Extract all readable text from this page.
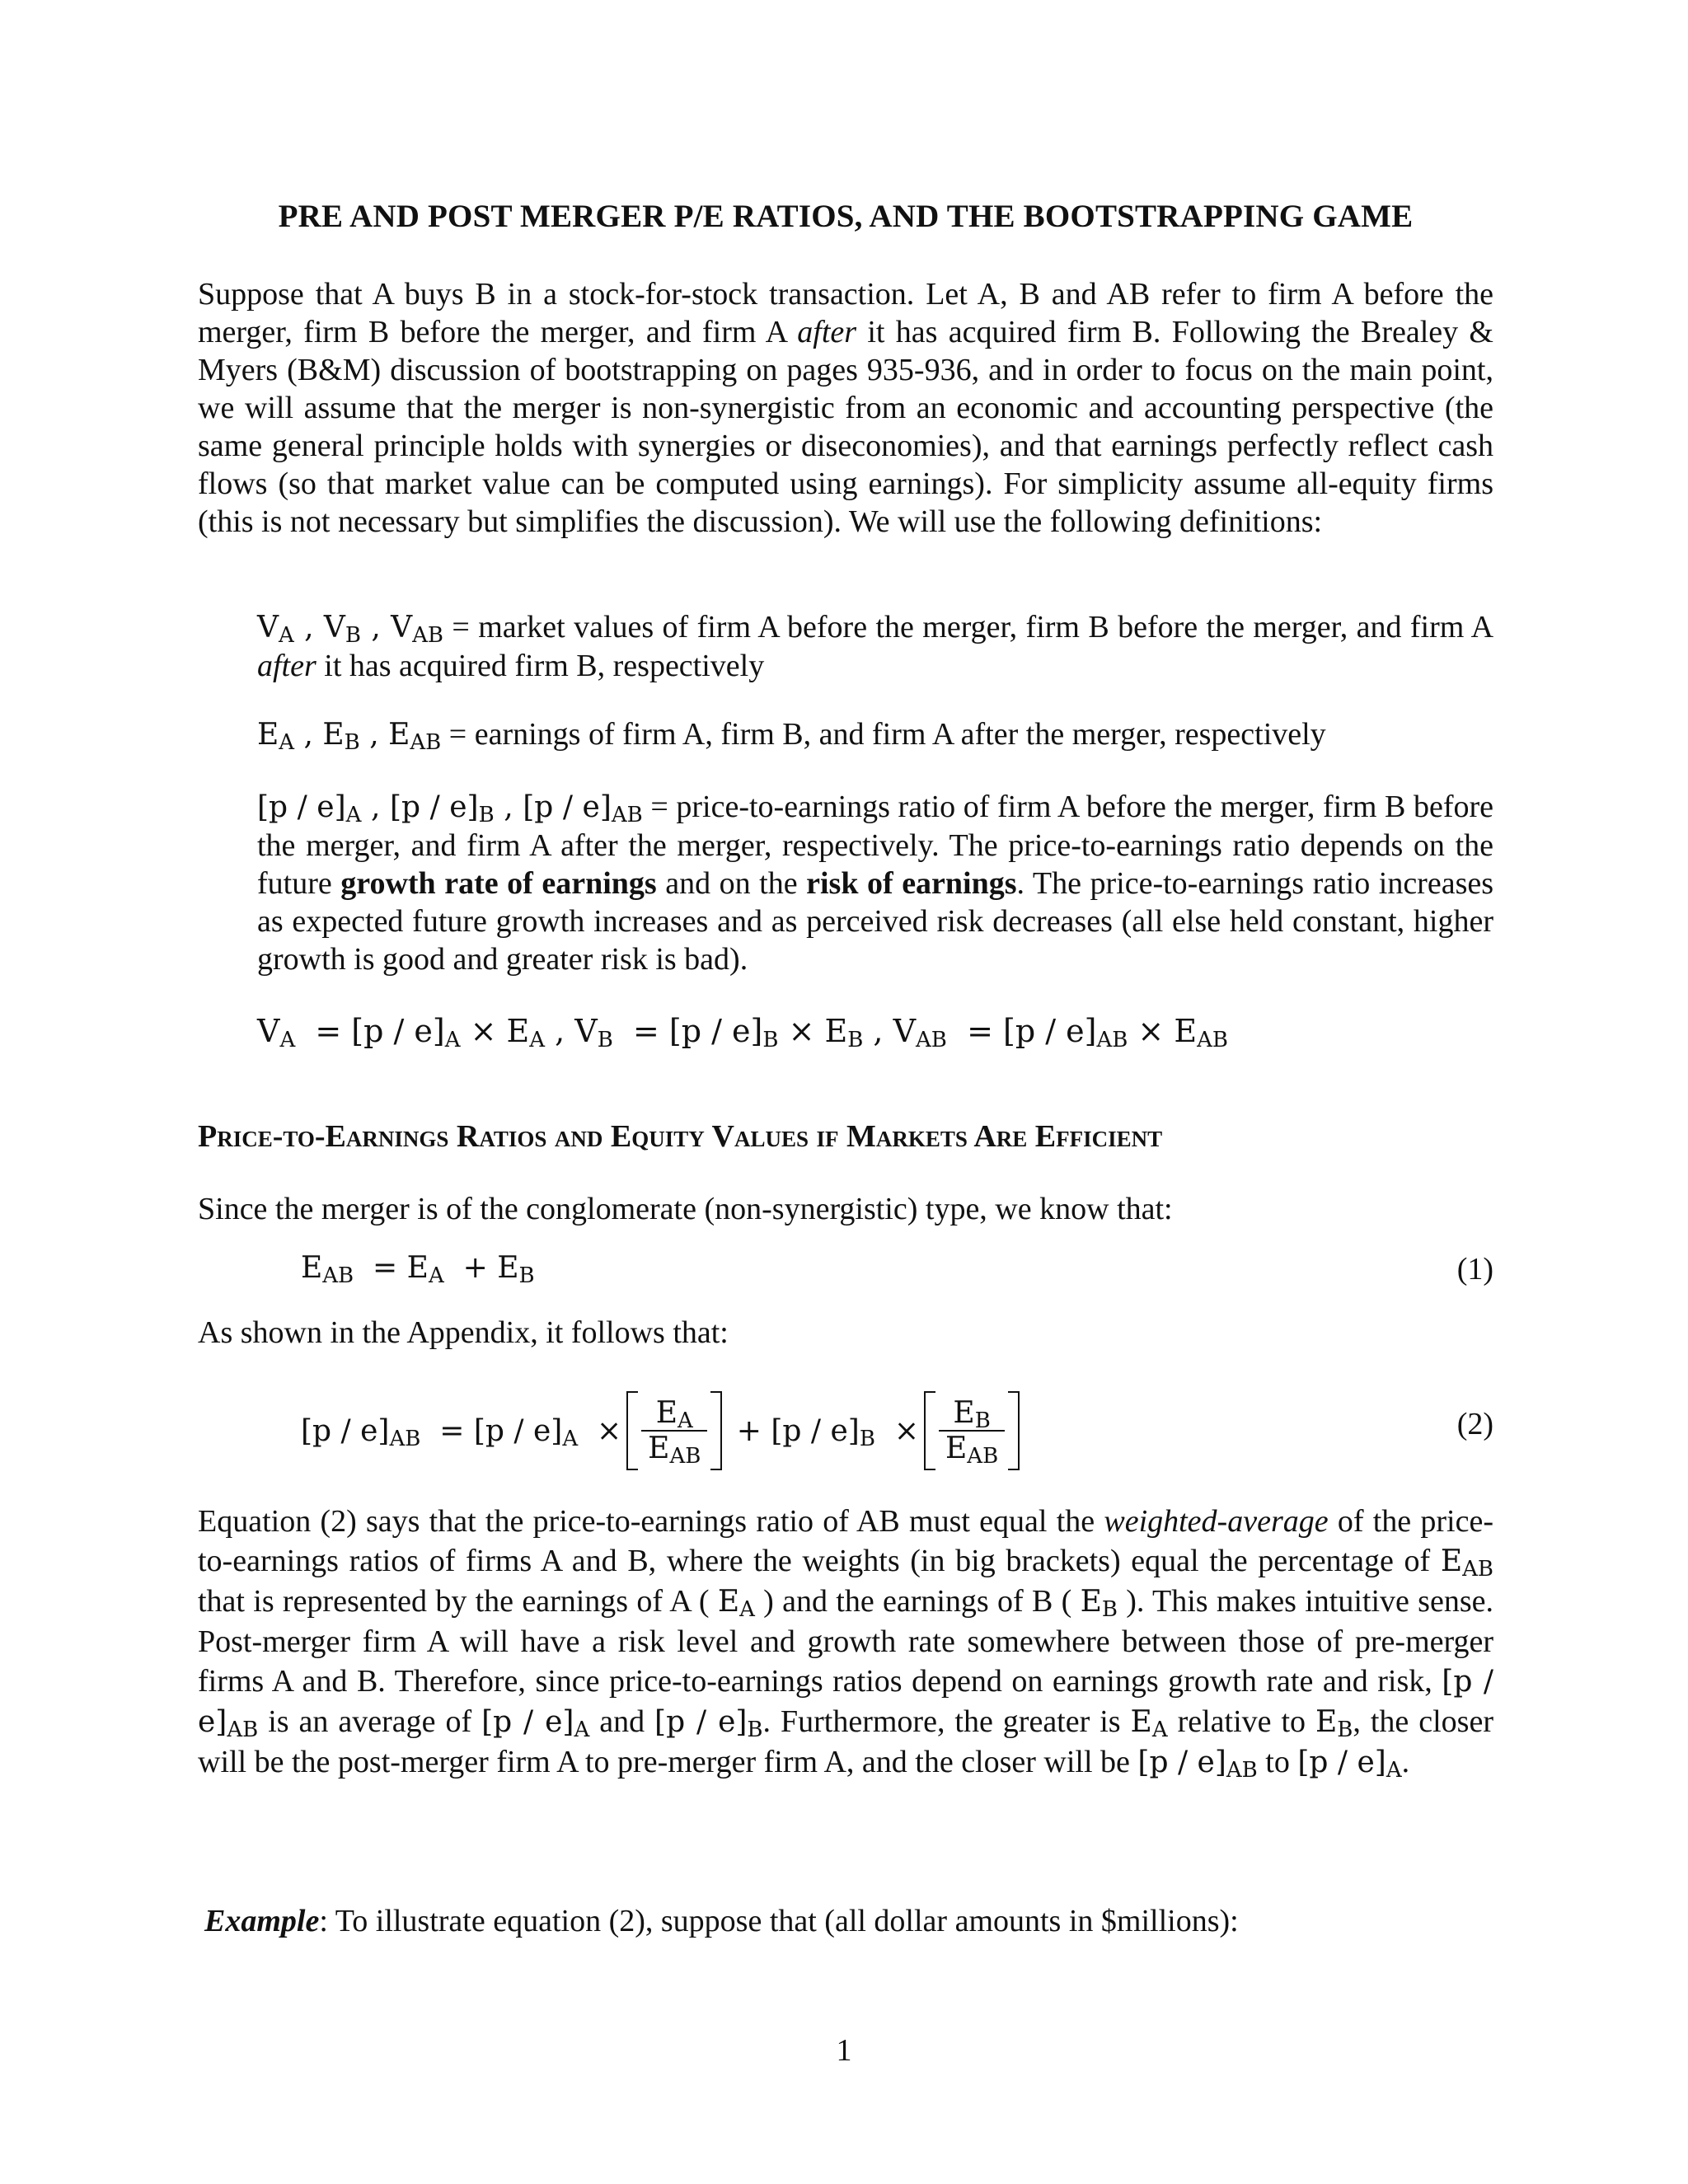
PRE AND POST MERGER P/E RATIOS, AND THE BOOTSTRAPPING GAME

Suppose that A buys B in a stock-for-stock transaction. Let A, B and AB refer to firm A before the merger, firm B before the merger, and firm A after it has acquired firm B. Following the Brealey & Myers (B&M) discussion of bootstrapping on pages 935-936, and in order to focus on the main point, we will assume that the merger is non-synergistic from an economic and accounting perspective (the same general principle holds with synergies or diseconomies), and that earnings perfectly reflect cash flows (so that market value can be computed using earnings). For simplicity assume all-equity firms (this is not necessary but simplifies the discussion). We will use the following definitions:

$V_A$ , $V_B$ , $V_{AB}$ = market values of firm A before the merger, firm B before the merger, and firm A after it has acquired firm B, respectively

$E_A$ , $E_B$ , $E_{AB}$ = earnings of firm A, firm B, and firm A after the merger, respectively

$[p / e]_A$ , $[p / e]_B$ , $[p / e]_{AB}$ = price-to-earnings ratio of firm A before the merger, firm B before the merger, and firm A after the merger, respectively. The price-to-earnings ratio depends on the future growth rate of earnings and on the risk of earnings. The price-to-earnings ratio increases as expected future growth increases and as perceived risk decreases (all else held constant, higher growth is good and greater risk is bad).

$V_A = [p / e]_A \times E_A$ , $V_B = [p / e]_B \times E_B$ , $V_{AB} = [p / e]_{AB} \times E_{AB}$
Price-to-Earnings Ratios and Equity Values if Markets Are Efficient

Since the merger is of the conglomerate (non-synergistic) type, we know that:

$E_{AB} = E_A + E_B$	(1)

As shown in the Appendix, it follows that:

$[p / e]_{AB} = [p / e]_A \times \frac{E_A}{E_{AB}} + [p / e]_B \times \frac{E_B}{E_{AB}}$	(2)

Equation (2) says that the price-to-earnings ratio of AB must equal the weighted-average of the price-to-earnings ratios of firms A and B, where the weights (in big brackets) equal the percentage of $E_{AB}$ that is represented by the earnings of A ( $E_A$ ) and the earnings of B ( $E_B$ ). This makes intuitive sense. Post-merger firm A will have a risk level and growth rate somewhere between those of pre-merger firms A and B. Therefore, since price-to-earnings ratios depend on earnings growth rate and risk, $[p / e]_{AB}$ is an average of $[p / e]_A$ and $[p / e]_B$. Furthermore, the greater is $E_A$ relative to $E_B$, the closer will be the post-merger firm A to pre-merger firm A, and the closer will be $[p / e]_{AB}$ to $[p / e]_A$.

Example: To illustrate equation (2), suppose that (all dollar amounts in $millions):

1
